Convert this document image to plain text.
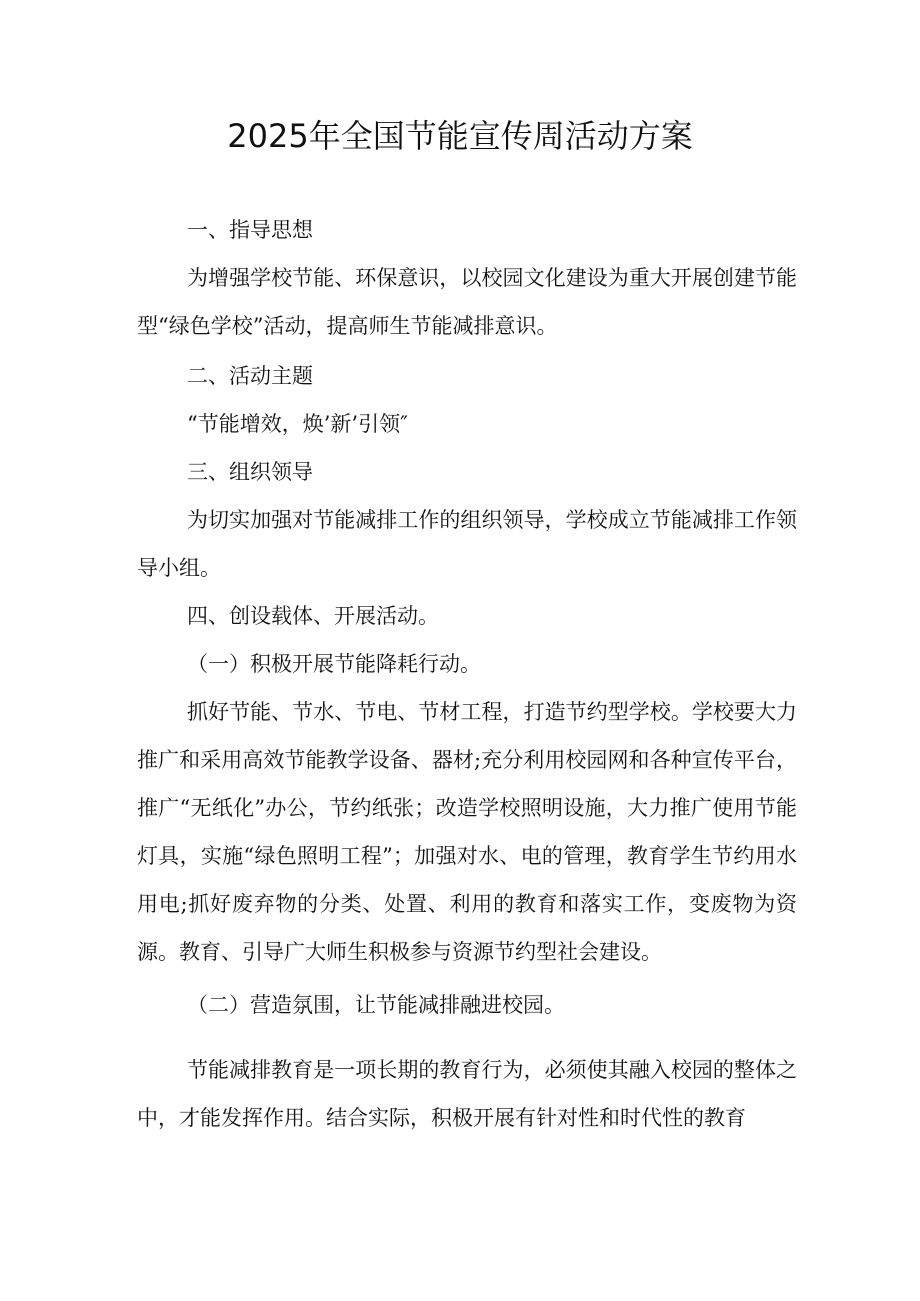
2025年全国节能宣传周活动方案

一、指导思想

为增强学校节能、环保意识，以校园文化建设为重大开展创建节能型“绿色学校”活动，提高师生节能减排意识。

二、活动主题

“节能增效，焕’新’引领″

三、组织领导

为切实加强对节能减排工作的组织领导，学校成立节能减排工作领导小组。

四、创设载体、开展活动。

（一）积极开展节能降耗行动。

抓好节能、节水、节电、节材工程，打造节约型学校。学校要大力推广和采用高效节能教学设备、器材;充分利用校园网和各种宣传平台，推广“无纸化”办公，节约纸张；改造学校照明设施，大力推广使用节能灯具，实施“绿色照明工程”；加强对水、电的管理，教育学生节约用水用电;抓好废弃物的分类、处置、利用的教育和落实工作，变废物为资源。教育、引导广大师生积极参与资源节约型社会建设。

（二）营造氛围，让节能减排融进校园。

节能减排教育是一项长期的教育行为，必须使其融入校园的整体之中，才能发挥作用。结合实际，积极开展有针对性和时代性的教育
